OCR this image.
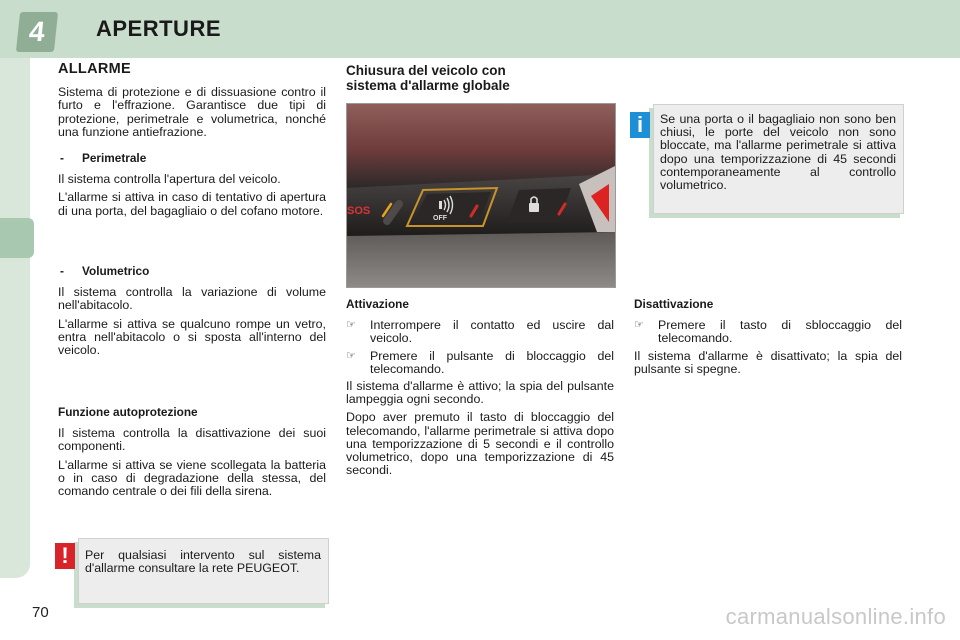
4 APERTURE
ALLARME

Sistema di protezione e di dissuasione contro il furto e l'effrazione. Garantisce due tipi di protezione, perimetrale e volumetrica, nonché una funzione antiefrazione.

-	Perimetrale

Il sistema controlla l'apertura del veicolo.

L'allarme si attiva in caso di tentativo di apertura di una porta, del bagagliaio o del cofano motore.

-	Volumetrico

Il sistema controlla la variazione di volume nell'abitacolo.

L'allarme si attiva se qualcuno rompe un vetro, entra nell'abitacolo o si sposta all'interno del veicolo.

Funzione autoprotezione

Il sistema controlla la disattivazione dei suoi componenti.

L'allarme si attiva se viene scollegata la batteria o in caso di degradazione della stessa, del comando centrale o dei fili della sirena.

Per qualsiasi intervento sul sistema d'allarme consultare la rete PEUGEOT.
!
Chiusura del veicolo con
sistema d'allarme globale
SOS
OFF
Attivazione
☞	Interrompere il contatto ed uscire dal veicolo.
☞	Premere il pulsante di bloccaggio del telecomando.

Il sistema d'allarme è attivo; la spia del pulsante lampeggia ogni secondo.

Dopo aver premuto il tasto di bloccaggio del telecomando, l'allarme perimetrale si attiva dopo una temporizzazione di 5 secondi e il controllo volumetrico, dopo una temporizzazione di 45 secondi.

Se una porta o il bagagliaio non sono ben chiusi, le porte del veicolo non sono bloccate, ma l'allarme perimetrale si attiva dopo una temporizzazione di 45 secondi contemporaneamente al controllo volumetrico.
i
Disattivazione
☞	Premere il tasto di sbloccaggio del telecomando.

Il sistema d'allarme è disattivato; la spia del pulsante si spegne.

70	carmanualsonline.info
